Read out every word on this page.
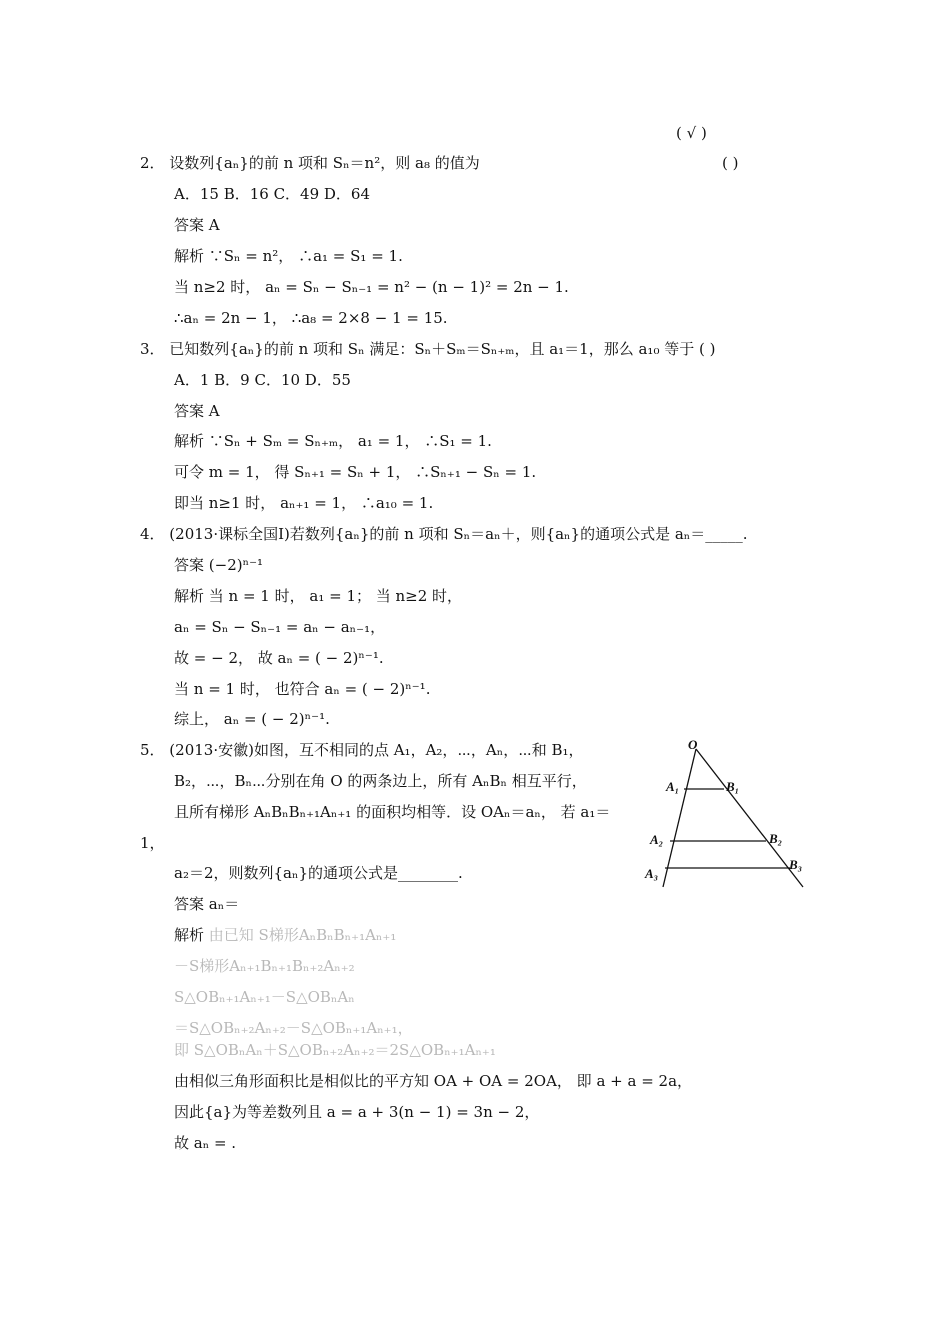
( √ )
2． 设数列{aₙ}的前 n 项和 Sₙ＝n²，则 a₈ 的值为	( )
A．15 B．16 C．49 D．64
答案 A
解析 ∵Sₙ = n²， ∴a₁ = S₁ = 1.
当 n≥2 时， aₙ = Sₙ − Sₙ₋₁ = n² − (n − 1)² = 2n − 1.
∴aₙ = 2n − 1， ∴a₈ = 2×8 − 1 = 15.
3． 已知数列{aₙ}的前 n 项和 Sₙ 满足：Sₙ＋Sₘ＝Sₙ₊ₘ，且 a₁＝1，那么 a₁₀ 等于 ( )
A．1 B．9 C．10 D．55
答案 A
解析 ∵Sₙ + Sₘ = Sₙ₊ₘ， a₁ = 1， ∴S₁ = 1.
可令 m = 1， 得 Sₙ₊₁ = Sₙ + 1， ∴Sₙ₊₁ − Sₙ = 1.
即当 n≥1 时， aₙ₊₁ = 1， ∴a₁₀ = 1.
4． (2013·课标全国Ⅰ)若数列{aₙ}的前 n 项和 Sₙ＝aₙ＋，则{aₙ}的通项公式是 aₙ＝_____.
答案 (−2)ⁿ⁻¹
解析 当 n = 1 时， a₁ = 1； 当 n≥2 时，
aₙ = Sₙ − Sₙ₋₁ = aₙ − aₙ₋₁，
故 = − 2， 故 aₙ = ( − 2)ⁿ⁻¹.
当 n = 1 时， 也符合 aₙ = ( − 2)ⁿ⁻¹.
综上， aₙ = ( − 2)ⁿ⁻¹.
5． (2013·安徽)如图，互不相同的点 A₁，A₂，⋯，Aₙ，⋯和 B₁，
B₂，⋯，Bₙ⋯分别在角 O 的两条边上，所有 AₙBₙ 相互平行，
且所有梯形 AₙBₙBₙ₊₁Aₙ₊₁ 的面积均相等．设 OAₙ＝aₙ， 若 a₁＝
1，
a₂＝2，则数列{aₙ}的通项公式是________.
答案 aₙ＝
解析 由已知 S梯形AₙBₙBₙ₊₁Aₙ₊₁
－S梯形Aₙ₊₁Bₙ₊₁Bₙ₊₂Aₙ₊₂
S△OBₙ₊₁Aₙ₊₁－S△OBₙAₙ
＝S△OBₙ₊₂Aₙ₊₂－S△OBₙ₊₁Aₙ₊₁，
即 S△OBₙAₙ＋S△OBₙ₊₂Aₙ₊₂＝2S△OBₙ₊₁Aₙ₊₁
由相似三角形面积比是相似比的平方知 OA + OA = 2OA， 即 a + a = 2a，
因此{a}为等差数列且 a = a + 3(n − 1) = 3n − 2，
故 aₙ = .
O
A₁	B₁
A₂	B₂
A₃
B₃
